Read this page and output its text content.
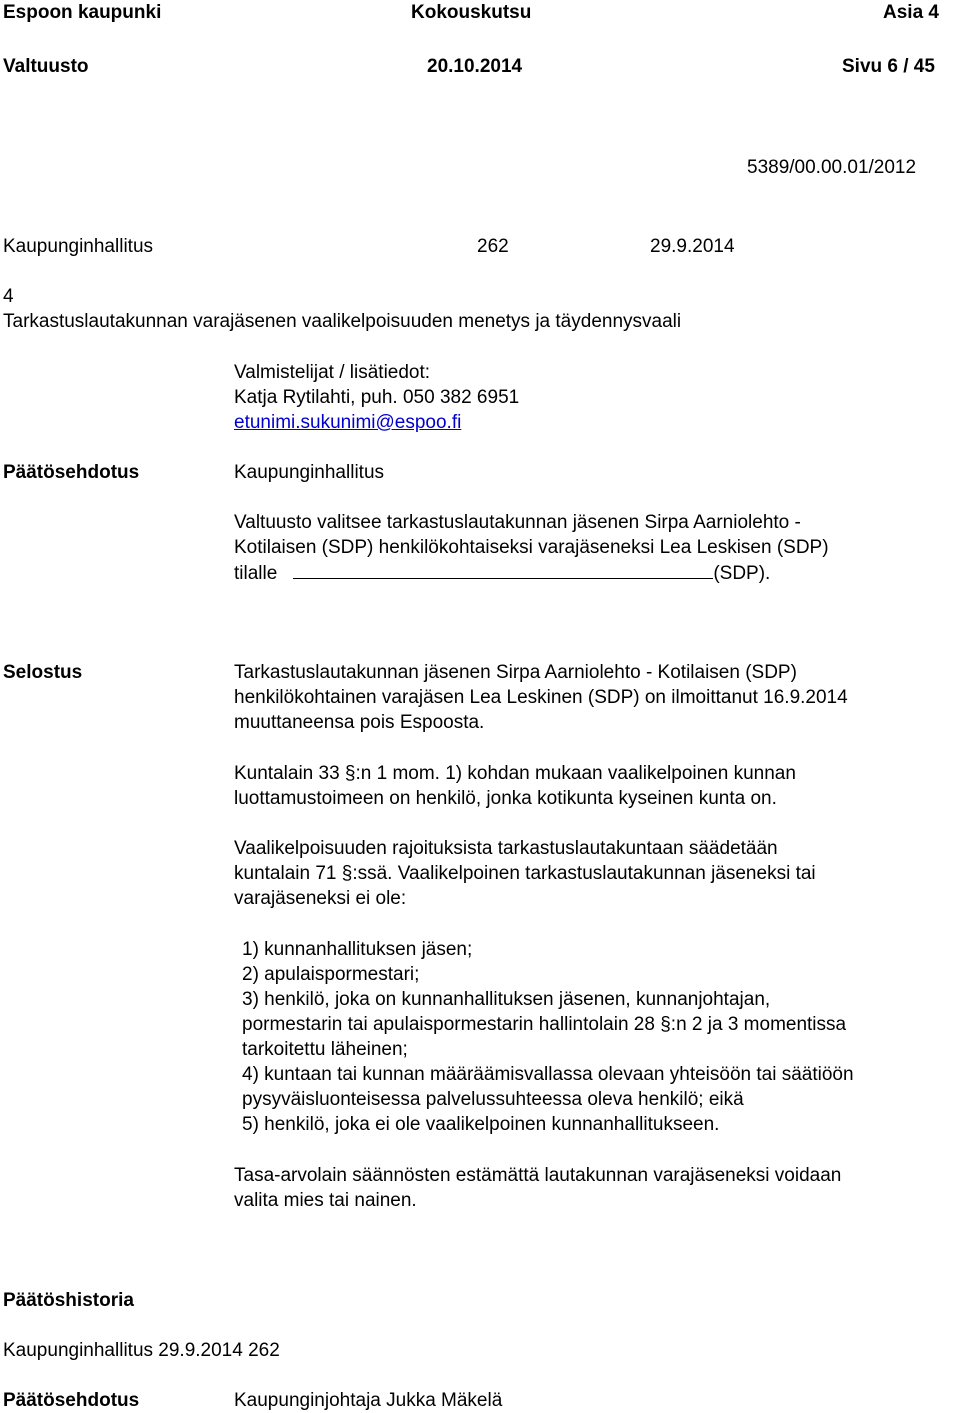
Espoon kaupunki	Kokouskutsu	Asia 4
Valtuusto	20.10.2014	Sivu 6 / 45
5389/00.00.01/2012
Kaupunginhallitus	262	29.9.2014
4
Tarkastuslautakunnan varajäsenen vaalikelpoisuuden menetys ja täydennysvaali
Valmistelijat / lisätiedot:
Katja Rytilahti, puh. 050 382 6951
etunimi.sukunimi@espoo.fi
Päätösehdotus	Kaupunginhallitus
Valtuusto valitsee tarkastuslautakunnan jäsenen Sirpa Aarniolehto -
Kotilaisen (SDP) henkilökohtaiseksi varajäseneksi Lea Leskisen (SDP)
tilalle	(SDP).
Selostus	Tarkastuslautakunnan jäsenen Sirpa Aarniolehto - Kotilaisen (SDP)
henkilökohtainen varajäsen Lea Leskinen (SDP) on ilmoittanut 16.9.2014
muuttaneensa pois Espoosta.
Kuntalain 33 §:n 1 mom. 1) kohdan mukaan vaalikelpoinen kunnan
luottamustoimeen on henkilö, jonka kotikunta kyseinen kunta on.
Vaalikelpoisuuden rajoituksista tarkastuslautakuntaan säädetään
kuntalain 71 §:ssä. Vaalikelpoinen tarkastuslautakunnan jäseneksi tai
varajäseneksi ei ole:
1) kunnanhallituksen jäsen;
2) apulaispormestari;
3) henkilö, joka on kunnanhallituksen jäsenen, kunnanjohtajan,
pormestarin tai apulaispormestarin hallintolain 28 §:n 2 ja 3 momentissa
tarkoitettu läheinen;
4) kuntaan tai kunnan määräämisvallassa olevaan yhteisöön tai säätiöön
pysyväisluonteisessa palvelussuhteessa oleva henkilö; eikä
5) henkilö, joka ei ole vaalikelpoinen kunnanhallitukseen.
Tasa-arvolain säännösten estämättä lautakunnan varajäseneksi voidaan
valita mies tai nainen.
Päätöshistoria
Kaupunginhallitus 29.9.2014 262
Päätösehdotus	Kaupunginjohtaja Jukka Mäkelä
